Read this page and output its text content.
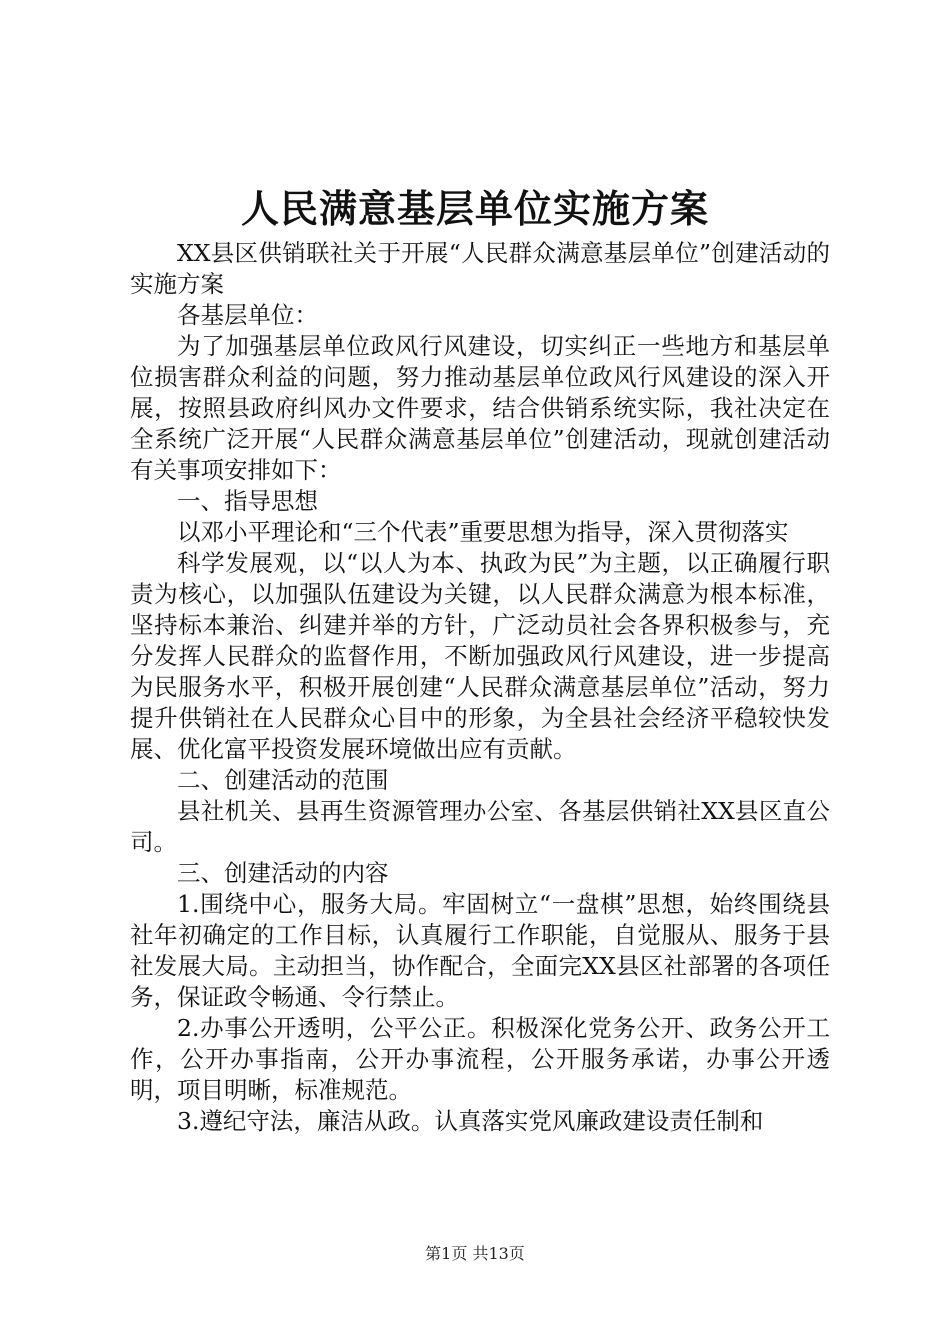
人民满意基层单位实施方案

XX县区供销联社关于开展“人民群众满意基层单位”创建活动的实施方案

各基层单位：

为了加强基层单位政风行风建设，切实纠正一些地方和基层单位损害群众利益的问题，努力推动基层单位政风行风建设的深入开展，按照县政府纠风办文件要求，结合供销系统实际，我社决定在全系统广泛开展“人民群众满意基层单位”创建活动，现就创建活动有关事项安排如下：

一、指导思想

以邓小平理论和“三个代表”重要思想为指导，深入贯彻落实

科学发展观，以“以人为本、执政为民”为主题，以正确履行职责为核心，以加强队伍建设为关键，以人民群众满意为根本标准，坚持标本兼治、纠建并举的方针，广泛动员社会各界积极参与，充分发挥人民群众的监督作用，不断加强政风行风建设，进一步提高为民服务水平，积极开展创建“人民群众满意基层单位”活动，努力提升供销社在人民群众心目中的形象，为全县社会经济平稳较快发展、优化富平投资发展环境做出应有贡献。

二、创建活动的范围

县社机关、县再生资源管理办公室、各基层供销社XX县区直公司。

三、创建活动的内容

1.围绕中心，服务大局。牢固树立“一盘棋”思想，始终围绕县社年初确定的工作目标，认真履行工作职能，自觉服从、服务于县社发展大局。主动担当，协作配合，全面完XX县区社部署的各项任务，保证政令畅通、令行禁止。

2.办事公开透明，公平公正。积极深化党务公开、政务公开工作，公开办事指南，公开办事流程，公开服务承诺，办事公开透明，项目明晰，标准规范。

3.遵纪守法，廉洁从政。认真落实党风廉政建设责任制和

第1页 共13页
